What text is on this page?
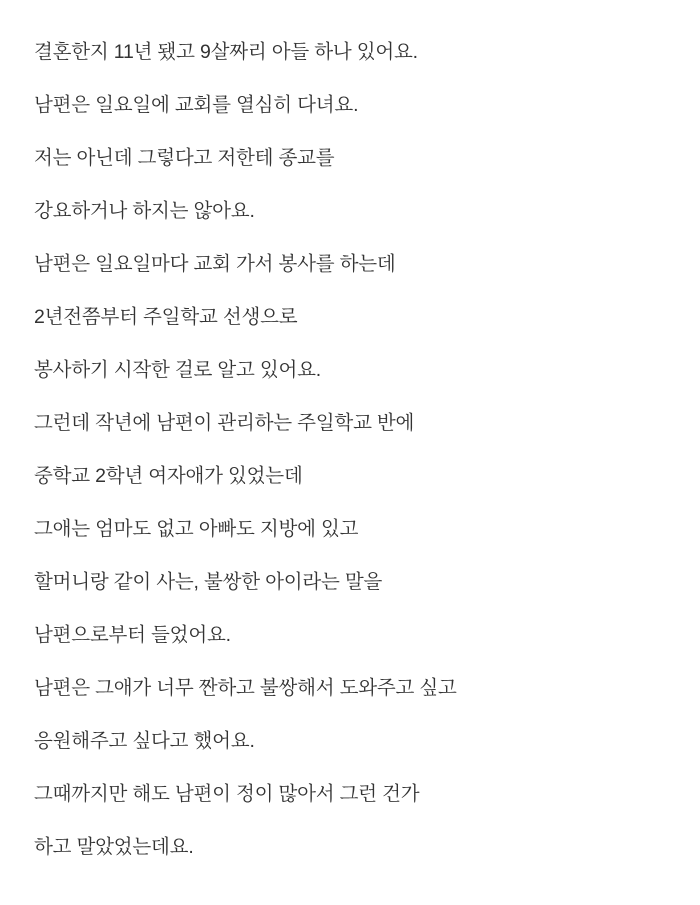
결혼한지 11년 됐고 9살짜리 아들 하나 있어요.
남편은 일요일에 교회를 열심히 다녀요.
저는 아닌데 그렇다고 저한테 종교를
강요하거나 하지는 않아요.
남편은 일요일마다 교회 가서 봉사를 하는데
2년전쯤부터 주일학교 선생으로
봉사하기 시작한 걸로 알고 있어요.
그런데 작년에 남편이 관리하는 주일학교 반에
중학교 2학년 여자애가 있었는데
그애는 엄마도 없고 아빠도 지방에 있고
할머니랑 같이 사는, 불쌍한 아이라는 말을
남편으로부터 들었어요.
남편은 그애가 너무 짠하고 불쌍해서 도와주고 싶고
응원해주고 싶다고 했어요.
그때까지만 해도 남편이 정이 많아서 그런 건가
하고 말았었는데요.
